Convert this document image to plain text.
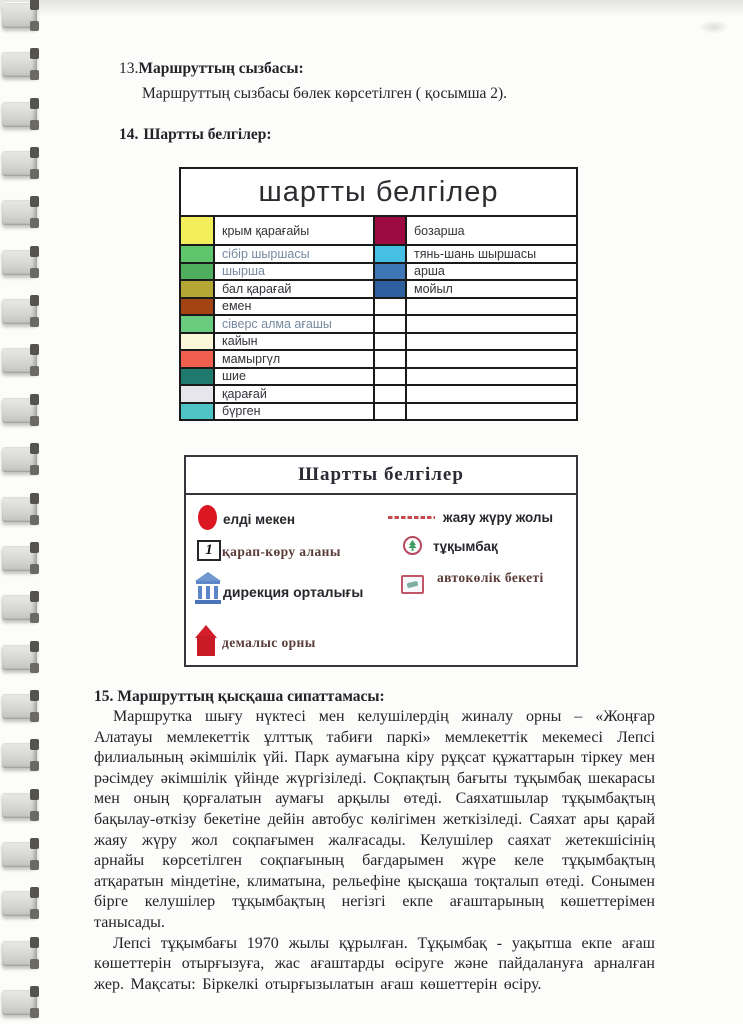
13.Маршруттың сызбасы:
Маршруттың сызбасы бөлек көрсетілген ( қосымша 2).
14. Шартты белгілер:
шартты белгілер
крым қарағайы	бозарша
сібір шыршасы	тянь-шань шыршасы
шырша	арша
бал қарағай	мойыл
емен
сіверс алма ағашы
кайын
мамыргүл
шие
қарағай
бүрген
Шартты белгілер
елді мекен
1 қарап-көру аланы
дирекция орталығы
демалыс орны
жаяу жүру жолы
тұқымбақ
автокөлік бекеті
15. Маршруттың қысқаша сипаттамасы:

Маршрутка шығу нүктесі мен келушілердің жиналу орны – «Жоңғар Алатауы мемлекеттік ұлттық табиғи паркі» мемлекеттік мекемесі Лепсі филиалының әкімшілік үйі. Парк аумағына кіру рұқсат құжаттарын тіркеу мен рәсімдеу әкімшілік үйінде жүргізіледі. Соқпақтың бағыты тұқымбақ шекарасы мен оның қорғалатын аумағы арқылы өтеді. Саяхатшылар тұқымбақтың бақылау-өткізу бекетіне дейін автобус көлігімен жеткізіледі. Саяхат ары қарай жаяу жүру жол соқпағымен жалғасады. Келушілер саяхат жетекшісінің арнайы көрсетілген соқпағының бағдарымен жүре келе тұқымбақтың атқаратын міндетіне, климатына, рельефіне қысқаша тоқталып өтеді. Сонымен бірге келушілер тұқымбақтың негізгі екпе ағаштарының көшеттерімен танысады.

Лепсі тұқымбағы 1970 жылы құрылған. Тұқымбақ - уақытша екпе ағаш көшеттерін отырғызуға, жас ағаштарды өсіруге және пайдалануға арналған жер. Мақсаты: Біркелкі отырғызылатын ағаш көшеттерін өсіру.
